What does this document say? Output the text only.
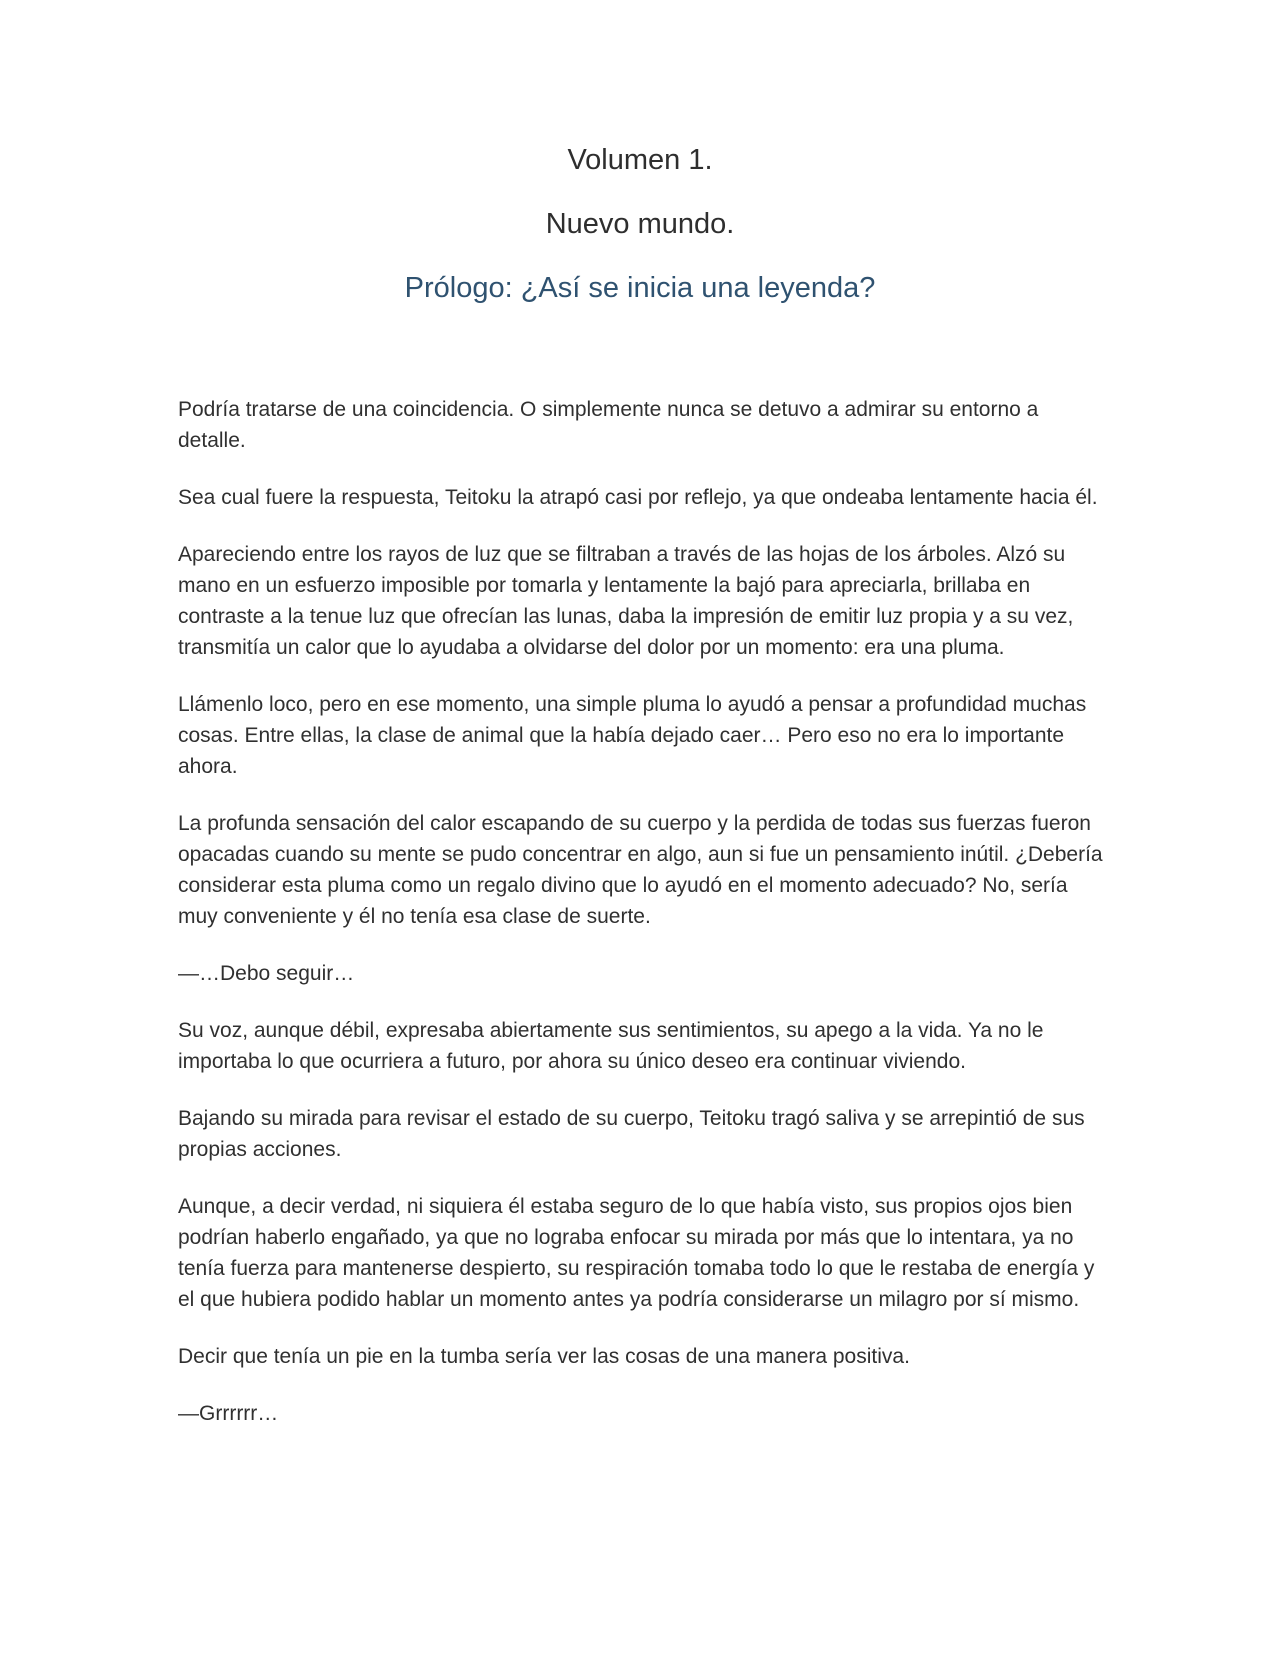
Volumen 1.
Nuevo mundo.
Prólogo: ¿Así se inicia una leyenda?

Podría tratarse de una coincidencia. O simplemente nunca se detuvo a admirar su entorno a detalle.

Sea cual fuere la respuesta, Teitoku la atrapó casi por reflejo, ya que ondeaba lentamente hacia él.

Apareciendo entre los rayos de luz que se filtraban a través de las hojas de los árboles. Alzó su mano en un esfuerzo imposible por tomarla y lentamente la bajó para apreciarla, brillaba en contraste a la tenue luz que ofrecían las lunas, daba la impresión de emitir luz propia y a su vez, transmitía un calor que lo ayudaba a olvidarse del dolor por un momento: era una pluma.

Llámenlo loco, pero en ese momento, una simple pluma lo ayudó a pensar a profundidad muchas cosas. Entre ellas, la clase de animal que la había dejado caer… Pero eso no era lo importante ahora.

La profunda sensación del calor escapando de su cuerpo y la perdida de todas sus fuerzas fueron opacadas cuando su mente se pudo concentrar en algo, aun si fue un pensamiento inútil. ¿Debería considerar esta pluma como un regalo divino que lo ayudó en el momento adecuado? No, sería muy conveniente y él no tenía esa clase de suerte.

―…Debo seguir…

Su voz, aunque débil, expresaba abiertamente sus sentimientos, su apego a la vida. Ya no le importaba lo que ocurriera a futuro, por ahora su único deseo era continuar viviendo.

Bajando su mirada para revisar el estado de su cuerpo, Teitoku tragó saliva y se arrepintió de sus propias acciones.

Aunque, a decir verdad, ni siquiera él estaba seguro de lo que había visto, sus propios ojos bien podrían haberlo engañado, ya que no lograba enfocar su mirada por más que lo intentara, ya no tenía fuerza para mantenerse despierto, su respiración tomaba todo lo que le restaba de energía y el que hubiera podido hablar un momento antes ya podría considerarse un milagro por sí mismo.

Decir que tenía un pie en la tumba sería ver las cosas de una manera positiva.

―Grrrrrr…
